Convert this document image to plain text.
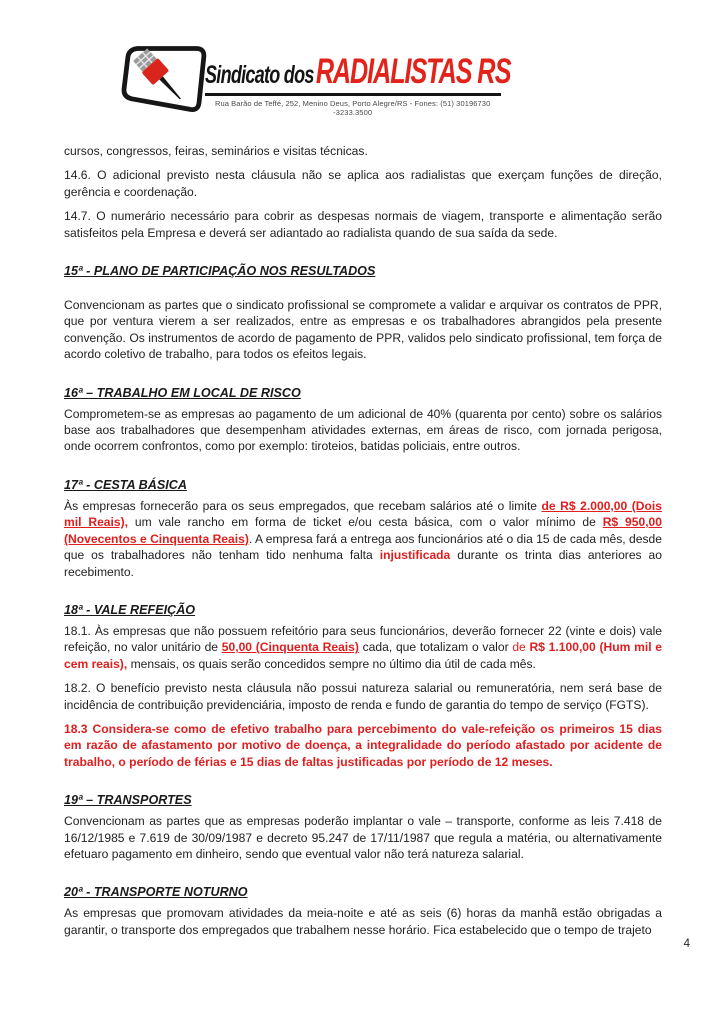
Sindicato dos RADIALISTAS RS
Rua Barão de Teffé, 252, Menino Deus, Porto Alegre/RS - Fones: (51) 30196730 -3233.3500

cursos, congressos, feiras, seminários e visitas técnicas.

14.6. O adicional previsto nesta cláusula não se aplica aos radialistas que exerçam funções de direção, gerência e coordenação.

14.7. O numerário necessário para cobrir as despesas normais de viagem, transporte e alimentação serão satisfeitos pela Empresa e deverá ser adiantado ao radialista quando de sua saída da sede.

15ª - PLANO DE PARTICIPAÇÃO NOS RESULTADOS

Convencionam as partes que o sindicato profissional se compromete a validar e arquivar os contratos de PPR, que por ventura vierem a ser realizados, entre as empresas e os trabalhadores abrangidos pela presente convenção. Os instrumentos de acordo de pagamento de PPR, validos pelo sindicato profissional, tem força de acordo coletivo de trabalho, para todos os efeitos legais.

16ª – TRABALHO EM LOCAL DE RISCO

Comprometem-se as empresas ao pagamento de um adicional de 40% (quarenta por cento) sobre os salários base aos trabalhadores que desempenham atividades externas, em áreas de risco, com jornada perigosa, onde ocorrem confrontos, como por exemplo: tiroteios, batidas policiais, entre outros.

17ª - CESTA BÁSICA

Às empresas fornecerão para os seus empregados, que recebam salários até o limite de R$ 2.000,00 (Dois mil Reais), um vale rancho em forma de ticket e/ou cesta básica, com o valor mínimo de R$ 950,00 (Novecentos e Cinquenta Reais). A empresa fará a entrega aos funcionários até o dia 15 de cada mês, desde que os trabalhadores não tenham tido nenhuma falta injustificada durante os trinta dias anteriores ao recebimento.

18ª - VALE REFEIÇÃO

18.1. Às empresas que não possuem refeitório para seus funcionários, deverão fornecer 22 (vinte e dois) vale refeição, no valor unitário de 50,00 (Cinquenta Reais) cada, que totalizam o valor de R$ 1.100,00 (Hum mil e cem reais), mensais, os quais serão concedidos sempre no último dia útil de cada mês.

18.2. O benefício previsto nesta cláusula não possui natureza salarial ou remuneratória, nem será base de incidência de contribuição previdenciária, imposto de renda e fundo de garantia do tempo de serviço (FGTS).

18.3 Considera-se como de efetivo trabalho para percebimento do vale-refeição os primeiros 15 dias em razão de afastamento por motivo de doença, a integralidade do período afastado por acidente de trabalho, o período de férias e 15 dias de faltas justificadas por período de 12 meses.

19ª – TRANSPORTES

Convencionam as partes que as empresas poderão implantar o vale – transporte, conforme as leis 7.418 de 16/12/1985 e 7.619 de 30/09/1987 e decreto 95.247 de 17/11/1987 que regula a matéria, ou alternativamente efetuaro pagamento em dinheiro, sendo que eventual valor não terá natureza salarial.

20ª - TRANSPORTE NOTURNO

As empresas que promovam atividades da meia-noite e até as seis (6) horas da manhã estão obrigadas a garantir, o transporte dos empregados que trabalhem nesse horário. Fica estabelecido que o tempo de trajeto

4
